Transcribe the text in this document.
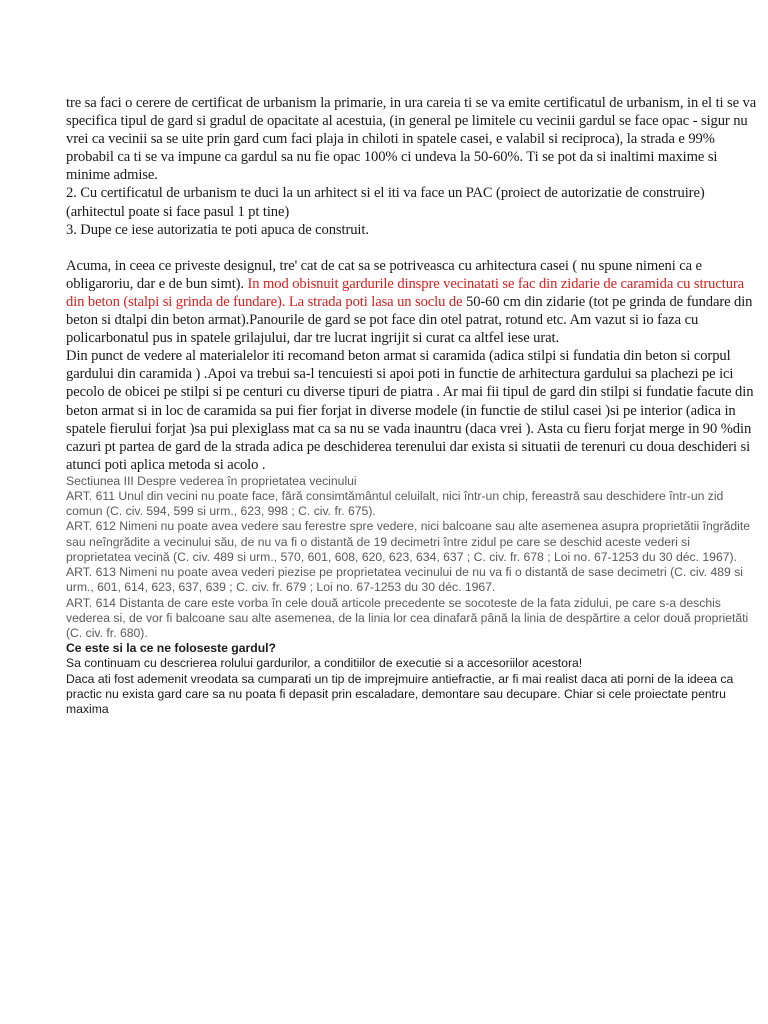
tre sa faci o cerere de certificat de urbanism la primarie, in ura careia ti se va emite certificatul de urbanism, in el ti se va specifica tipul de gard si gradul de opacitate al acestuia, (in general pe limitele cu vecinii gardul se face opac - sigur nu vrei ca vecinii sa se uite prin gard cum faci plaja in chiloti in spatele casei, e valabil si reciproca), la strada e 99% probabil ca ti se va impune ca gardul sa nu fie opac 100% ci undeva la 50-60%. Ti se pot da si inaltimi maxime si minime admise.

2. Cu certificatul de urbanism te duci la un arhitect si el iti va face un PAC (proiect de autorizatie de construire) (arhitectul poate si face pasul 1 pt tine)

3. Dupe ce iese autorizatia te poti apuca de construit.

Acuma, in ceea ce priveste designul, tre' cat de cat sa se potriveasca cu arhitectura casei ( nu spune nimeni ca e obligaroriu, dar e de bun simt). In mod obisnuit gardurile dinspre vecinatati se fac din zidarie de caramida cu structura din beton (stalpi si grinda de fundare). La strada poti lasa un soclu de 50-60 cm din zidarie (tot pe grinda de fundare din beton si dtalpi din beton armat).Panourile de gard se pot face din otel patrat, rotund etc. Am vazut si io faza cu policarbonatul pus in spatele grilajului, dar tre lucrat ingrijit si curat ca altfel iese urat.

Din punct de vedere al materialelor iti recomand beton armat si caramida (adica stilpi si fundatia din beton si corpul gardului din caramida ) .Apoi va trebui sa-l tencuiesti si apoi poti in functie de arhitectura gardului sa plachezi pe ici pecolo de obicei pe stilpi si pe centuri cu diverse tipuri de piatra . Ar mai fii tipul de gard din stilpi si fundatie facute din beton armat si in loc de caramida sa pui fier forjat in diverse modele (in functie de stilul casei )si pe interior (adica in spatele fierului forjat )sa pui plexiglass mat ca sa nu se vada inauntru (daca vrei ). Asta cu fieru forjat merge in 90 %din cazuri pt partea de gard de la strada adica pe deschiderea terenului dar exista si situatii de terenuri cu doua deschideri si atunci poti aplica metoda si acolo .

Sectiunea III Despre vederea în proprietatea vecinului

ART. 611 Unul din vecini nu poate face, fără consimtământul celuilalt, nici într-un chip, fereastră sau deschidere într-un zid comun (C. civ. 594, 599 si urm., 623, 998 ; C. civ. fr. 675).

ART. 612 Nimeni nu poate avea vedere sau ferestre spre vedere, nici balcoane sau alte asemenea asupra proprietătii îngrădite sau neîngrădite a vecinului său, de nu va fi o distantă de 19 decimetri între zidul pe care se deschid aceste vederi si proprietatea vecină (C. civ. 489 si urm., 570, 601, 608, 620, 623, 634, 637 ; C. civ. fr. 678 ; Loi no. 67-1253 du 30 déc. 1967).

ART. 613 Nimeni nu poate avea vederi piezise pe proprietatea vecinului de nu va fi o distantă de sase decimetri (C. civ. 489 si urm., 601, 614, 623, 637, 639 ; C. civ. fr. 679 ; Loi no. 67-1253 du 30 déc. 1967.

ART. 614 Distanta de care este vorba în cele două articole precedente se socoteste de la fata zidului, pe care s-a deschis vederea si, de vor fi balcoane sau alte asemenea, de la linia lor cea dinafară până la linia de despărtire a celor două proprietăti (C. civ. fr. 680).

Ce este si la ce ne foloseste gardul?

Sa continuam cu descrierea rolului gardurilor, a conditiilor de executie si a accesoriilor acestora!

Daca ati fost ademenit vreodata sa cumparati un tip de imprejmuire antiefractie, ar fi mai realist daca ati porni de la ideea ca practic nu exista gard care sa nu poata fi depasit prin escaladare, demontare sau decupare. Chiar si cele proiectate pentru maxima
